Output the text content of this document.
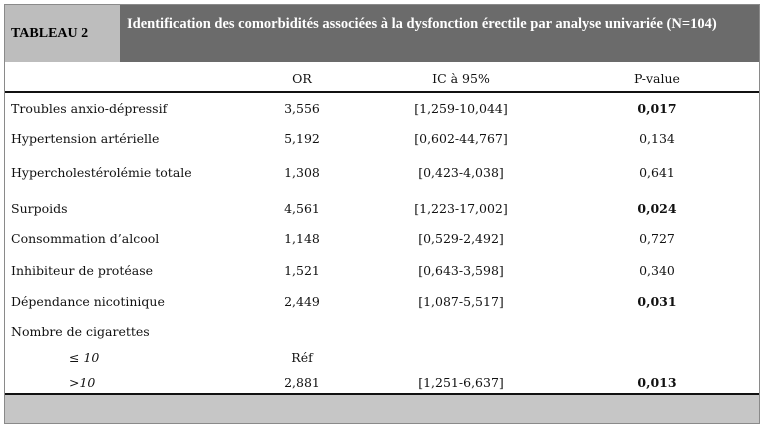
TABLEAU 2
Identification des comorbidités associées à la dysfonction érectile par analyse univariée (N=104)
OR	IC à 95%	P-value
Troubles anxio-dépressif	3,556	[1,259-10,044]	0,017
Hypertension artérielle	5,192	[0,602-44,767]	0,134
Hypercholestérolémie totale	1,308	[0,423-4,038]	0,641
Surpoids	4,561	[1,223-17,002]	0,024
Consommation d’alcool	1,148	[0,529-2,492]	0,727
Inhibiteur de protéase	1,521	[0,643-3,598]	0,340
Dépendance nicotinique	2,449	[1,087-5,517]	0,031
Nombre de cigarettes
≤ 10	Réf
>10	2,881	[1,251-6,637]	0,013
